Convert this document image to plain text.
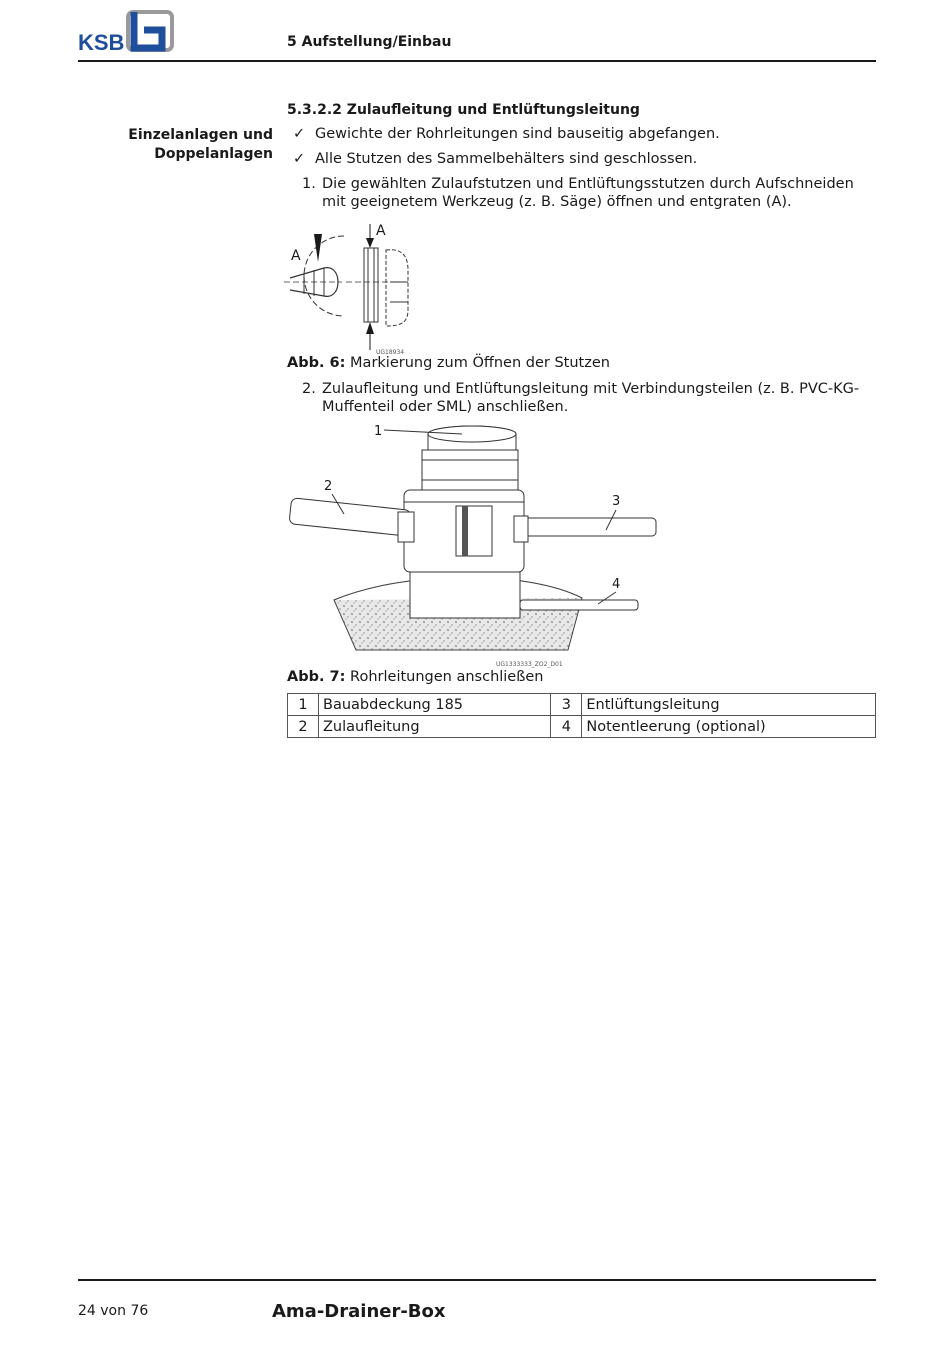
KSB	5 Aufstellung/Einbau
5.3.2.2 Zulaufleitung und Entlüftungsleitung
Einzelanlagen und
Doppelanlagen
✓ Gewichte der Rohrleitungen sind bauseitig abgefangen.
✓ Alle Stutzen des Sammelbehälters sind geschlossen.
1. Die gewählten Zulaufstutzen und Entlüftungsstutzen durch Aufschneiden mit geeignetem Werkzeug (z. B. Säge) öffnen und entgraten (A).
A
A
UG18934
Abb. 6: Markierung zum Öffnen der Stutzen
2. Zulaufleitung und Entlüftungsleitung mit Verbindungsteilen (z. B. PVC-KG-Muffenteil oder SML) anschließen.
1
2
3
4
UG1333333_ZO2_D01
Abb. 7: Rohrleitungen anschließen
1	Bauabdeckung 185	3	Entlüftungsleitung
2	Zulaufleitung	4	Notentleerung (optional)
24 von 76	Ama-Drainer-Box
